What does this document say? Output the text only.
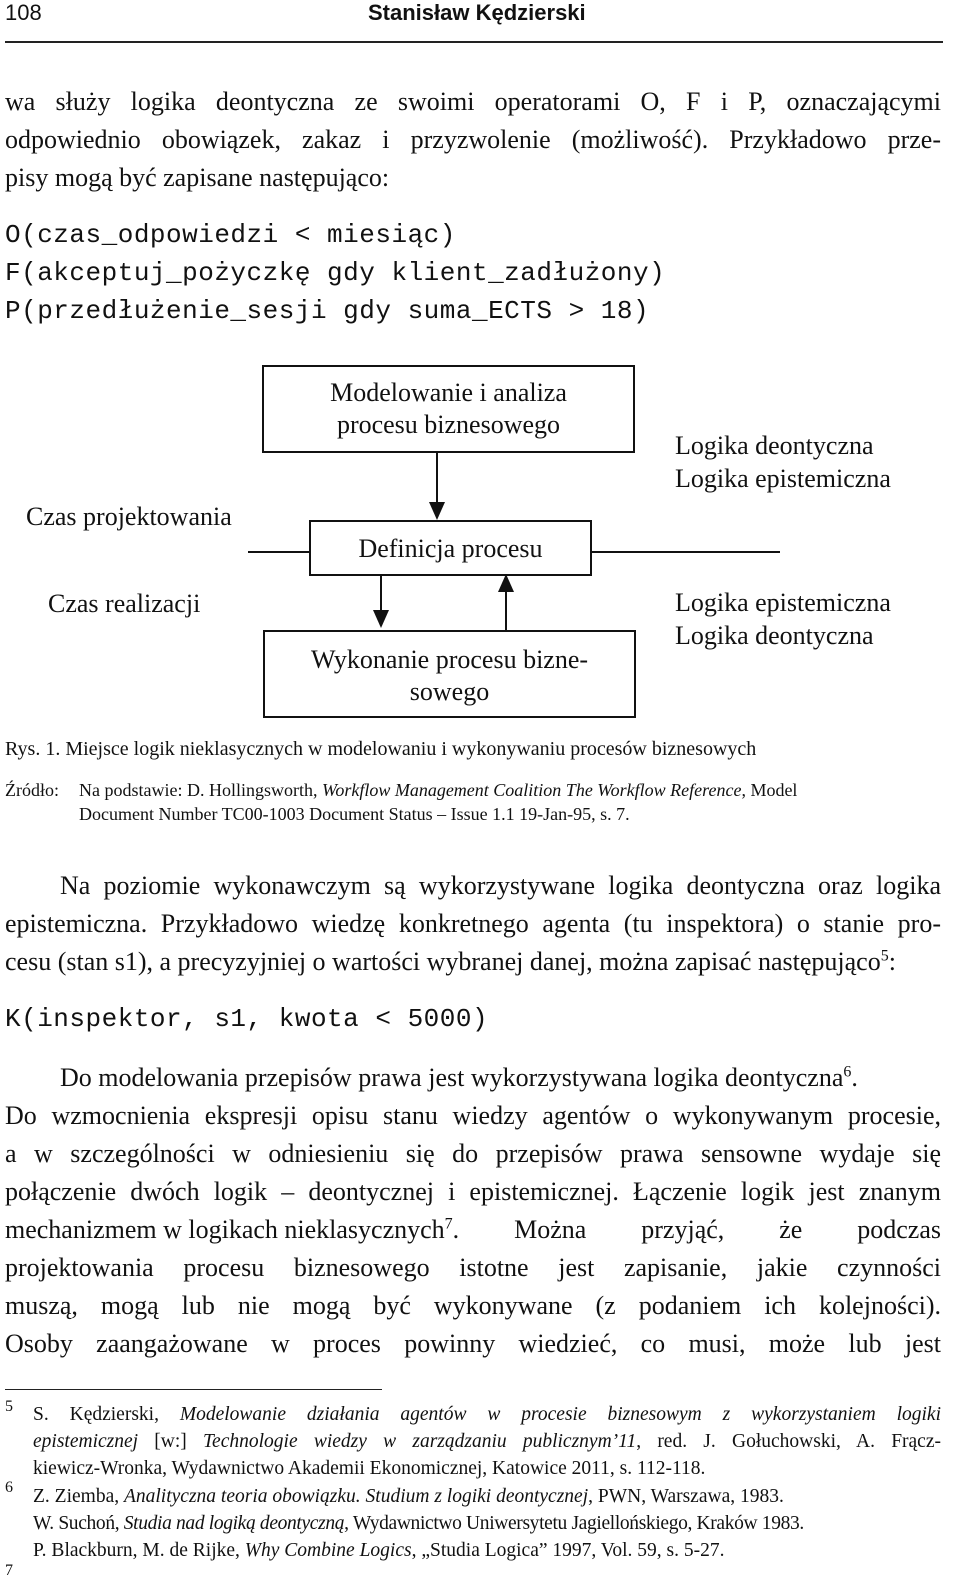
108	Stanisław Kędzierski
wa służy logika deontyczna ze swoimi operatorami O, F i P, oznaczającymi
odpowiednio obowiązek, zakaz i przyzwolenie (możliwość). Przykładowo prze-
pisy mogą być zapisane następująco:
O(czas_odpowiedzi < miesiąc)
F(akceptuj_pożyczkę gdy klient_zadłużony)
P(przedłużenie_sesji gdy suma_ECTS > 18)
Modelowanie i analiza
procesu biznesowego
Definicja procesu
Wykonanie procesu bizne-
sowego
Czas projektowania
Czas realizacji
Logika deontyczna
Logika epistemiczna
Logika epistemiczna
Logika deontyczna
Rys. 1. Miejsce logik nieklasycznych w modelowaniu i wykonywaniu procesów biznesowych
Źródło: Na podstawie: D. Hollingsworth, Workflow Management Coalition The Workflow Reference, Model
Document Number TC00-1003 Document Status – Issue 1.1 19-Jan-95, s. 7.
Na poziomie wykonawczym są wykorzystywane logika deontyczna oraz logika
epistemiczna. Przykładowo wiedzę konkretnego agenta (tu inspektora) o stanie pro-
cesu (stan s1), a precyzyjniej o wartości wybranej danej, można zapisać następująco$^5$:
K(inspektor, s1, kwota < 5000)
Do modelowania przepisów prawa jest wykorzystywana logika deontyczna$^6$.
Do wzmocnienia ekspresji opisu stanu wiedzy agentów o wykonywanym procesie,
a w szczególności w odniesieniu się do przepisów prawa sensowne wydaje się
połączenie dwóch logik – deontycznej i epistemicznej. Łączenie logik jest znanym
mechanizmem w logikach nieklasycznych$^7$ . Można przyjąć, że podczas
projektowania procesu biznesowego istotne jest zapisanie, jakie czynności
muszą, mogą lub nie mogą być wykonywane (z podaniem ich kolejności).
Osoby zaangażowane w proces powinny wiedzieć, co musi, może lub jest
5 S. Kędzierski, Modelowanie działania agentów w procesie biznesowym z wykorzystaniem logiki
epistemicznej [w:] Technologie wiedzy w zarządzaniu publicznym’11, red. J. Gołuchowski, A. Frącz-
kiewicz-Wronka, Wydawnictwo Akademii Ekonomicznej, Katowice 2011, s. 112-118.
6 Z. Ziemba, Analityczna teoria obowiązku. Studium z logiki deontycznej, PWN, Warszawa, 1983.
W. Suchoń, Studia nad logiką deontyczną, Wydawnictwo Uniwersytetu Jagiellońskiego, Kraków 1983.
7
P. Blackburn, M. de Rijke, Why Combine Logics, „Studia Logica” 1997, Vol. 59, s. 5-27.
